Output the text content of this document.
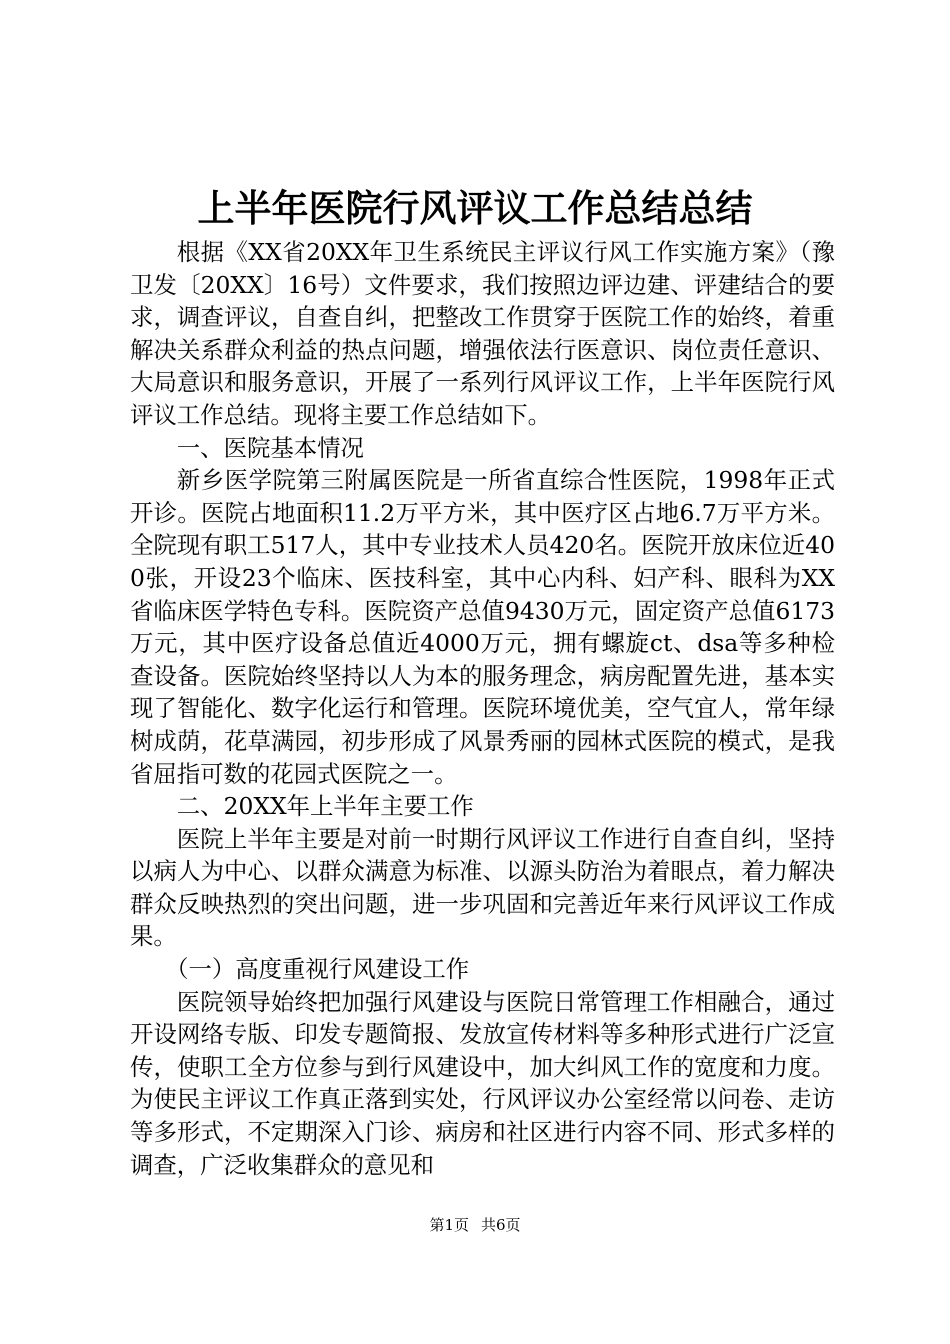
上半年医院行风评议工作总结总结

根据《XX省20XX年卫生系统民主评议行风工作实施方案》（豫卫发〔20XX〕16号）文件要求，我们按照边评边建、评建结合的要求，调查评议，自查自纠，把整改工作贯穿于医院工作的始终，着重解决关系群众利益的热点问题，增强依法行医意识、岗位责任意识、大局意识和服务意识，开展了一系列行风评议工作，上半年医院行风评议工作总结。现将主要工作总结如下。

一、医院基本情况

新乡医学院第三附属医院是一所省直综合性医院，1998年正式开诊。医院占地面积11.2万平方米，其中医疗区占地6.7万平方米。全院现有职工517人，其中专业技术人员420名。医院开放床位近400张，开设23个临床、医技科室，其中心内科、妇产科、眼科为XX省临床医学特色专科。医院资产总值9430万元，固定资产总值6173万元，其中医疗设备总值近4000万元，拥有螺旋ct、dsa等多种检查设备。医院始终坚持以人为本的服务理念，病房配置先进，基本实现了智能化、数字化运行和管理。医院环境优美，空气宜人，常年绿树成荫，花草满园，初步形成了风景秀丽的园林式医院的模式，是我省屈指可数的花园式医院之一。

二、20XX年上半年主要工作

医院上半年主要是对前一时期行风评议工作进行自查自纠，坚持以病人为中心、以群众满意为标准、以源头防治为着眼点，着力解决群众反映热烈的突出问题，进一步巩固和完善近年来行风评议工作成果。

（一）高度重视行风建设工作

医院领导始终把加强行风建设与医院日常管理工作相融合，通过开设网络专版、印发专题简报、发放宣传材料等多种形式进行广泛宣传，使职工全方位参与到行风建设中，加大纠风工作的宽度和力度。为使民主评议工作真正落到实处，行风评议办公室经常以问卷、走访等多形式，不定期深入门诊、病房和社区进行内容不同、形式多样的调查，广泛收集群众的意见和

第1页 共6页
